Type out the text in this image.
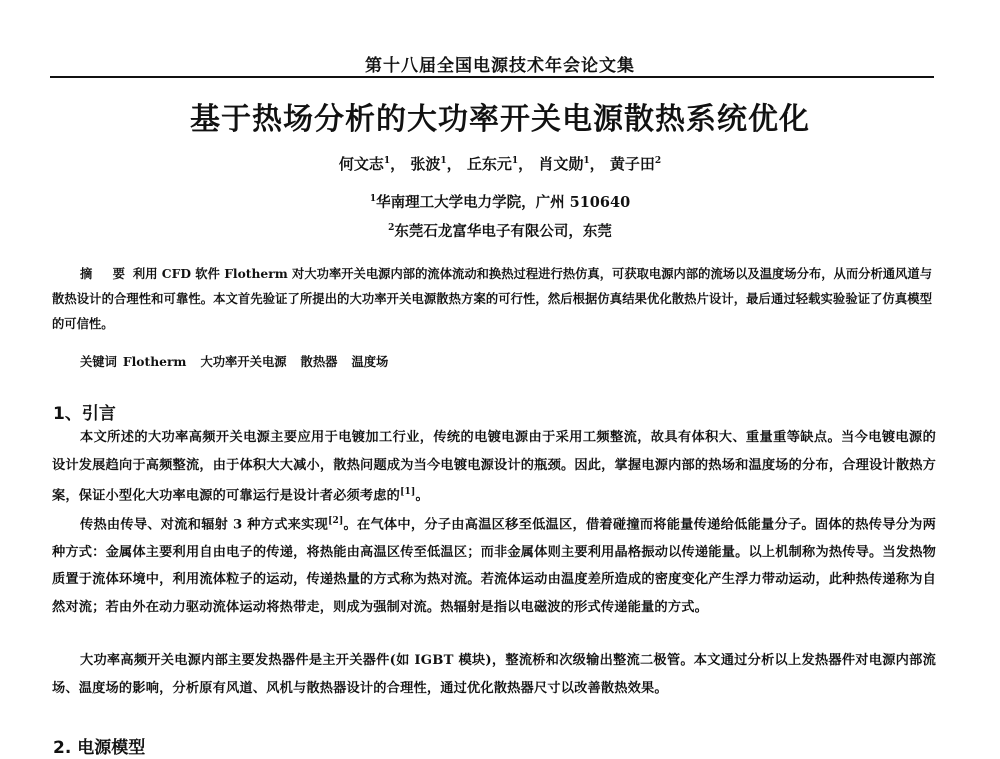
第十八届全国电源技术年会论文集
基于热场分析的大功率开关电源散热系统优化
何文志$^1$， 张波$^1$， 丘东元$^1$， 肖文勋$^1$， 黄子田$^2$
$^1$华南理工大学电力学院，广州 510640
$^2$东莞石龙富华电子有限公司，东莞
摘 要利用 CFD 软件 Flotherm 对大功率开关电源内部的流体流动和换热过程进行热仿真，可获取电源内部的流场以及温度场分布，从而分析通风道与散热设计的合理性和可靠性。本文首先验证了所提出的大功率开关电源散热方案的可行性，然后根据仿真结果优化散热片设计，最后通过轻载实验验证了仿真模型的可信性。
关键词 Flotherm 大功率开关电源 散热器 温度场
1、引言
本文所述的大功率高频开关电源主要应用于电镀加工行业，传统的电镀电源由于采用工频整流，故具有体积大、重量重等缺点。当今电镀电源的设计发展趋向于高频整流，由于体积大大减小，散热问题成为当今电镀电源设计的瓶颈。因此，掌握电源内部的热场和温度场的分布，合理设计散热方案，保证小型化大功率电源的可靠运行是设计者必须考虑的[1]。
传热由传导、对流和辐射 3 种方式来实现[2]。在气体中，分子由高温区移至低温区，借着碰撞而将能量传递给低能量分子。固体的热传导分为两种方式：金属体主要利用自由电子的传递，将热能由高温区传至低温区；而非金属体则主要利用晶格振动以传递能量。以上机制称为热传导。当发热物质置于流体环境中，利用流体粒子的运动，传递热量的方式称为热对流。若流体运动由温度差所造成的密度变化产生浮力带动运动，此种热传递称为自然对流；若由外在动力驱动流体运动将热带走，则成为强制对流。热辐射是指以电磁波的形式传递能量的方式。
大功率高频开关电源内部主要发热器件是主开关器件(如 IGBT 模块)，整流桥和次级输出整流二极管。本文通过分析以上发热器件对电源内部流场、温度场的影响，分析原有风道、风机与散热器设计的合理性，通过优化散热器尺寸以改善散热效果。
2. 电源模型
